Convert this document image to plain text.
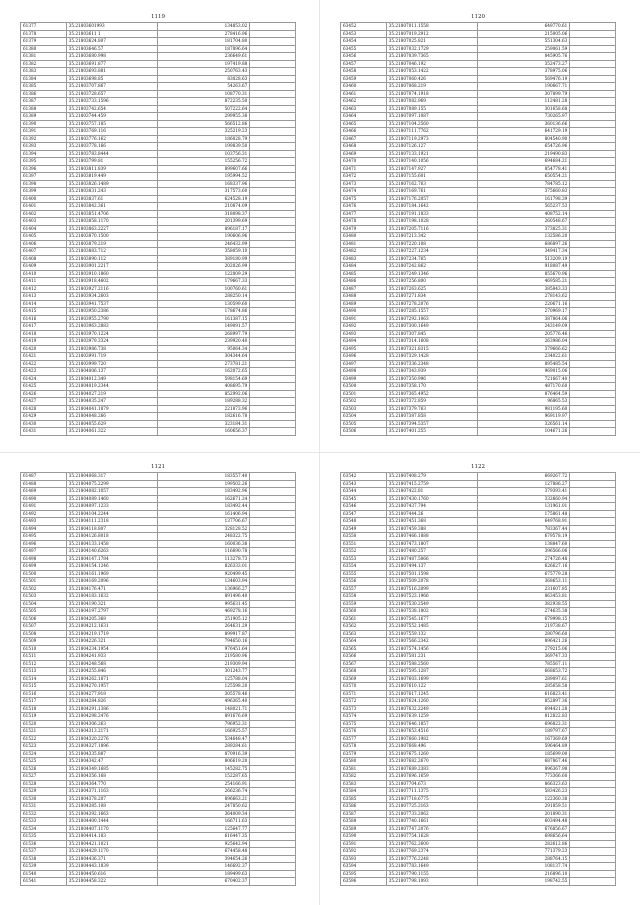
1119
61377	35.21803601993	134853.02	
61378	35.21803611 1	278416.96	
61379	35.21803624.807	181704.80	
61380	35.21803646.57	187896.64	
61381	35.21803680.998	236649.61	
61382	35.21803691.877	197419.88	
61383	35.21803693.881	250763.43	
61384	35.21803698.85	83028.63	
61385	35.21803707.867	54263.67	
61386	35.21803728.657	108770.31	
61387	35.21803733.1596	872235.50	
61388	35.21803742.654	507222.64	
61389	35.21803744.459	299955.38	
61390	35.21803757.185	566512.86	
61391	35.21803769.116	325219.23	
61392	35.21803776.162	186028.79	
61393	35.21803778.166	199839.50	
61394	35.21803783.8444	103756.31	
61395	35.21803799.81	155256.72	
61396	35.21803811.839	899607.66	
61397	35.21803819.449	195994.52	
61398	35.21803826.1489	168337.96	
61399	35.21803831.243	317573.60	
61400	35.21803837.61	624528.19	
61401	35.21803842.361	210874.09	
61402	35.21803851.4706	318098.37	
61403	35.21803858.1170	201399.69	
61404	35.21803863.2227	896187.17	
61405	35.21803870.1500	190606.96	
61406	35.21803879.219	246432.99	
61407	35.21803883.712	358059.10	
61408	35.21803890.112	389180.99	
61409	35.21803901.2217	202026.99	
61410	35.21803910.1860	122009.29	
61411	35.21803918.4602	179667.33	
61412	35.21803927.2116	100760.61	
61413	35.21803934.2603	288250.14	
61414	35.21803941.7537	130599.60	
61415	35.21803950.2386	178674.86	
61416	35.21803955.2790	161387.15	
61417	35.21803963.2883	149091.57	
61418	35.21803970.1224	268997.79	
61419	35.21803979.3324	239920.40	
61420	35.21803986.738	95064.34	
61421	35.21803991.719	304344.64	
61422	35.21803999.720	273781.21	
61423	35.21804006.137	162072.65	
61424	35.21804012.349	598154.69	
61425	35.21804019.2344	408695.79	
61426	35.21804027.219	852992.06	
61427	35.21804035.247	189288.32	
61428	35.21804041.1879	221873.96	
61429	35.21804048.266	182616.78	
61430	35.21804055.629	323184.31	
61431	35.21804061.322	160656.37	
1120
63452	35.21807011.1558	649770.61	
63453	35.21807019.2912	215005.06	
63454	35.21807025.821	551304.63	
63455	35.21807032.1729	259061.59	
63456	35.21807039.7365	845905.76	
63457	35.21807046.192	352473.27	
63458	35.21807053.1422	378975.06	
63459	35.21807060.426	569476.19	
63460	35.21807068.219	190667.71	
63461	35.21807074.1918	307899.79	
63462	35.21807082.969	112481.28	
63463	35.21807089.155	301658.68	
63464	35.21807097.1087	730265.97	
63465	35.21807104.2560	360136.66	
63466	35.21807111.7762	641729.19	
63467	35.21807119.2973	804540.90	
63468	35.21807126.127	654726.96	
63469	35.21807133.1921	219490.83	
63470	35.21807140.1056	694684.21	
63471	35.21807147.927	854778.41	
63472	35.21807155.601	650554.21	
63473	35.21807162.763	784785.12	
63474	35.21807169.761	375660.83	
63475	35.21807176.2057	161798.39	
63476	35.21807184.1642	565237.53	
63477	35.21807191.1833	408752.14	
63478	35.21807198.1028	260548.67	
63479	35.21807205.7116	373825.31	
63480	35.21807213.342	132586.20	
63481	35.21807220.108	686897.26	
63482	35.21807227.1234	349417.34	
63483	35.21807234.765	513209.19	
63484	35.21807242.862	918087.49	
63485	35.21807249.1346	855670.96	
63486	35.21807256.800	469585.21	
63487	35.21807263.625	385843.33	
63488	35.21807271.834	278143.62	
63489	35.21807278.2076	220671.16	
63490	35.21807285.1557	270969.17	
63491	35.21807292.1063	387864.06	
63492	35.21807300.1649	243149.09	
63493	35.21807307.845	205776.46	
63494	35.21807314.1608	263986.04	
63495	35.21807321.8315	379666.62	
63496	35.21807329.1428	234022.61	
63497	35.21807336.2348	895485.54	
63498	35.21807343.939	969015.06	
63499	35.21807350.996	721667.40	
63500	35.21807358.170	487170.60	
63501	35.21807365.4952	876464.59	
63502	35.21807372.859	96865.53	
63503	35.21807379.763	981195.60	
63504	35.21807387.858	969119.97	
63505	35.21807394.5357	326561.14	
63506	35.21807401.255	104671.26	
1121
61487	35.21804068.317	183557.40	
61488	35.21804075.2299	199502.26	
61489	35.21804082.1057	183492.96	
61490	35.21804089.1460	162671.24	
61491	35.21804097.1233	183492.44	
61492	35.21804104.2244	161406.94	
61493	35.21804111.2318	137706.67	
61494	35.21804118.807	328128.52	
61495	35.21804126.8018	248322.75	
61496	35.21804133.1458	160036.38	
61497	35.21804140.6263	116690.78	
61498	35.21804147.1784	113278.73	
61499	35.21804154.1246	826333.01	
61500	35.21804161.1969	920499.45	
61501	35.21804169.2096	134603.94	
61502	35.21804176.471	136966.27	
61503	35.21804183.1632	891496.40	
61504	35.21804190.321	995631.45	
61505	35.21804197.2797	469278.16	
61506	35.21804205.368	251905.12	
61507	35.21804212.1631	264631.29	
61508	35.21804219.1719	899917.87	
61509	35.21804226.321	794650.16	
61510	35.21804234.1954	976451.64	
61511	35.21804241.933	219580.96	
61512	35.21804248.568	219309.94	
61513	35.21804255.846	301243.77	
61514	35.21804262.1871	125788.04	
61515	35.21804270.1957	125598.20	
61516	35.21804277.918	305578.46	
61517	35.21804284.826	496365.40	
61518	35.21804291.1386	148021.71	
61519	35.21804298.2476	891676.69	
61520	35.21804306.263	796952.31	
61521	35.21804313.2171	166925.57	
61522	35.21804320.2276	534648.47	
61523	35.21804327.1896	289284.61	
61524	35.21804335.887	870916.39	
61525	35.21804342.47	806619.20	
61526	35.21804349.1685	145282.75	
61527	35.21804356.168	152287.65	
61528	35.21804364.770	254166.91	
61529	35.21804371.1163	266236.74	
61530	35.21804378.207	896663.21	
61531	35.21804385.108	247850.62	
61532	35.21804392.1663	364009.34	
61533	35.21804400.1444	166711.63	
61534	35.21804407.1170	125647.77	
61535	35.21804414.183	616447.35	
61536	35.21804421.1021	925642.94	
61537	35.21804429.1170	674458.48	
61538	35.21804436.371	394654.26	
61539	35.21804443.1839	146692.37	
61540	35.21804450.616	189499.63	
61541	35.21804458.322	670402.37	
1122
63542	35.21807408.279	669267.72	
63543	35.21807415.2759	127886.27	
63544	35.21807422.81	379393.41	
63545	35.21807430.1760	332660.94	
63546	35.21807437.794	131961.01	
63547	35.21807444.26	175861.48	
63548	35.21807451.368	649768.91	
63549	35.21807459.388	783367.44	
63550	35.21807466.1888	679578.19	
63551	35.21807473.1807	138847.60	
63552	35.21807480.257	396566.06	
63553	35.21807487.5066	274726.48	
63554	35.21807494.137	626627.16	
63555	35.21807501.1598	675779.28	
63556	35.21807509.2078	368653.11	
63557	35.21807516.2099	231607.85	
63558	35.21807523.1966	863453.81	
63559	35.21807530.2549	382938.55	
63560	35.21807538.1802	274635.38	
63561	35.21807545.1677	679998.15	
63562	35.21807552.1485	219738.67	
63563	35.21807559.132	280796.60	
63564	35.21807566.2342	896421.26	
63565	35.21807574.1456	279215.06	
63566	35.21807581.231	369747.33	
63567	35.21807588.2560	785567.11	
63568	35.21807595.1287	668653.72	
63569	35.21807603.1699	289097.61	
63570	35.21807610.122	285658.58	
63571	35.21807617.1245	616823.41	
63572	35.21807624.1260	852897.36	
63573	35.21807632.2249	694421.28	
63574	35.21807639.1259	812822.83	
63575	35.21807646.1857	696822.31	
63576	35.21807653.4516	189797.67	
63577	35.21807660.1982	167369.69	
63578	35.21807668.496	596464.89	
63579	35.21807675.1260	185699.00	
63580	35.21807682.2670	687867.46	
63581	35.21807689.2383	896367.98	
63582	35.21807696.1659	773366.60	
63583	35.21807704.673	866323.63	
63584	35.21807711.1375	583426.23	
63585	35.21807718.6775	122360.38	
63586	35.21807725.2163	291859.51	
63587	35.21807733.2062	201890.31	
63588	35.21807740.1661	603494.48	
63589	35.21807747.2076	676856.67	
63590	35.21807754.1628	698656.64	
63591	35.21807762.2600	282612.86	
63592	35.21807769.2374	771379.23	
63593	35.21807776.2248	288764.15	
63594	35.21807783.1649	108137.74	
63595	35.21807790.1155	216896.10	
63596	35.21807798.1093	198742.55	
